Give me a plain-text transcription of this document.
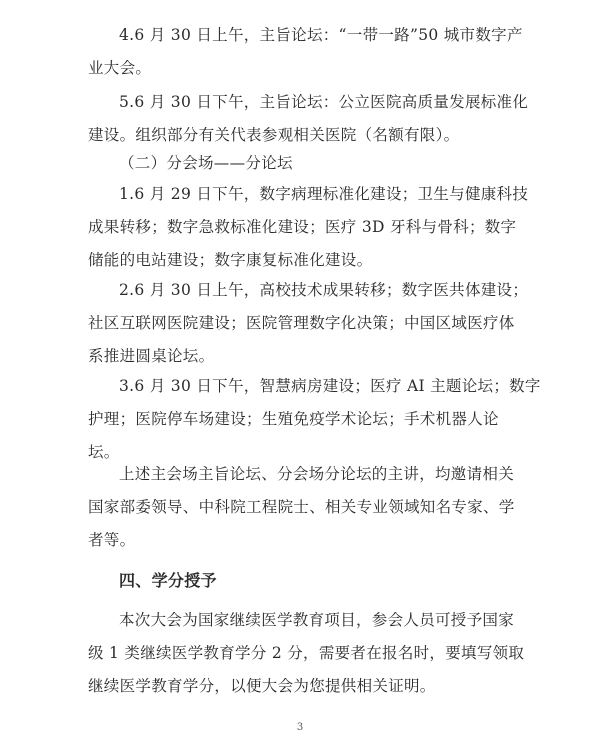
4.6 月 30 日上午，主旨论坛：“一带一路”50 城市数字产
业大会。

5.6 月 30 日下午，主旨论坛：公立医院高质量发展标准化
建设。组织部分有关代表参观相关医院（名额有限）。

（二）分会场——分论坛

1.6 月 29 日下午，数字病理标准化建设；卫生与健康科技
成果转移；数字急救标准化建设；医疗 3D 牙科与骨科；数字
储能的电站建设；数字康复标准化建设。

2.6 月 30 日上午，高校技术成果转移；数字医共体建设；
社区互联网医院建设；医院管理数字化决策；中国区域医疗体
系推进圆桌论坛。

3.6 月 30 日下午，智慧病房建设；医疗 AI 主题论坛；数字
护理；医院停车场建设；生殖免疫学术论坛；手术机器人论
坛。

上述主会场主旨论坛、分会场分论坛的主讲，均邀请相关
国家部委领导、中科院工程院士、相关专业领域知名专家、学
者等。

四、学分授予

本次大会为国家继续医学教育项目，参会人员可授予国家
级 1 类继续医学教育学分 2 分，需要者在报名时，要填写领取
继续医学教育学分，以便大会为您提供相关证明。

3
